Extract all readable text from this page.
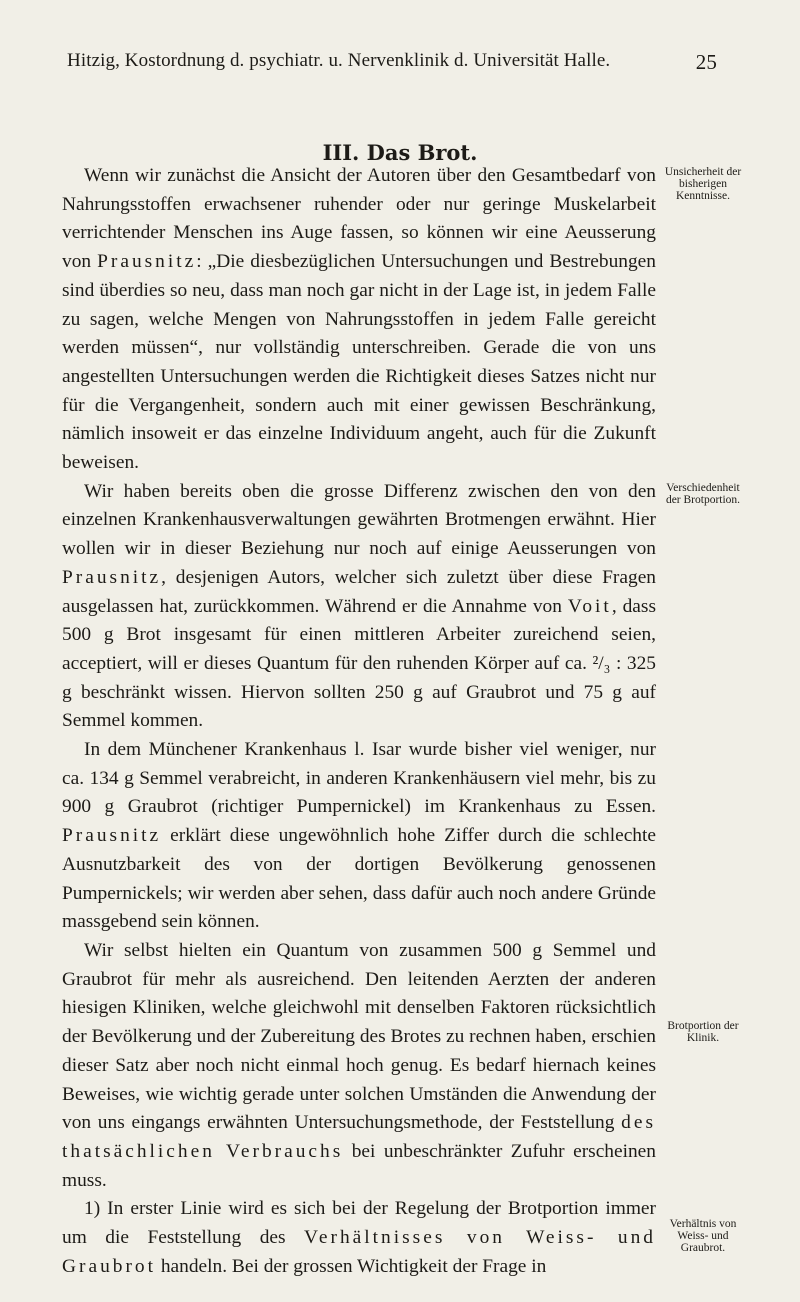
Hitzig, Kostordnung d. psychiatr. u. Nervenklinik d. Universität Halle.	25
III. Das Brot.

Wenn wir zunächst die Ansicht der Autoren über den Gesamtbedarf von Nahrungsstoffen erwachsener ruhender oder nur geringe Muskelarbeit verrichtender Menschen ins Auge fassen, so können wir eine Aeusserung von Prausnitz: „Die diesbezüglichen Untersuchungen und Bestrebungen sind überdies so neu, dass man noch gar nicht in der Lage ist, in jedem Falle zu sagen, welche Mengen von Nahrungsstoffen in jedem Falle gereicht werden müssen“, nur vollständig unterschreiben. Gerade die von uns angestellten Untersuchungen werden die Richtigkeit dieses Satzes nicht nur für die Vergangenheit, sondern auch mit einer gewissen Beschränkung, nämlich insoweit er das einzelne Individuum angeht, auch für die Zukunft beweisen.

Wir haben bereits oben die grosse Differenz zwischen den von den einzelnen Krankenhausverwaltungen gewährten Brotmengen erwähnt. Hier wollen wir in dieser Beziehung nur noch auf einige Aeusserungen von Prausnitz, desjenigen Autors, welcher sich zuletzt über diese Fragen ausgelassen hat, zurückkommen. Während er die Annahme von Voit, dass 500 g Brot insgesamt für einen mittleren Arbeiter zureichend seien, acceptiert, will er dieses Quantum für den ruhenden Körper auf ca. ²/₃ : 325 g beschränkt wissen. Hiervon sollten 250 g auf Graubrot und 75 g auf Semmel kommen.

In dem Münchener Krankenhaus l. Isar wurde bisher viel weniger, nur ca. 134 g Semmel verabreicht, in anderen Krankenhäusern viel mehr, bis zu 900 g Graubrot (richtiger Pumpernickel) im Krankenhaus zu Essen. Prausnitz erklärt diese ungewöhnlich hohe Ziffer durch die schlechte Ausnutzbarkeit des von der dortigen Bevölkerung genossenen Pumpernickels; wir werden aber sehen, dass dafür auch noch andere Gründe massgebend sein können.

Wir selbst hielten ein Quantum von zusammen 500 g Semmel und Graubrot für mehr als ausreichend. Den leitenden Aerzten der anderen hiesigen Kliniken, welche gleichwohl mit denselben Faktoren rücksichtlich der Bevölkerung und der Zubereitung des Brotes zu rechnen haben, erschien dieser Satz aber noch nicht einmal hoch genug. Es bedarf hiernach keines Beweises, wie wichtig gerade unter solchen Umständen die Anwendung der von uns eingangs erwähnten Untersuchungsmethode, der Feststellung des thatsächlichen Verbrauchs bei unbeschränkter Zufuhr erscheinen muss.

1) In erster Linie wird es sich bei der Regelung der Brotportion immer um die Feststellung des Verhältnisses von Weiss- und Graubrot handeln. Bei der grossen Wichtigkeit der Frage in

Unsicherheit der bisherigen Kenntnisse.
Verschiedenheit der Brotportion.
Brotportion der Klinik.
Verhältnis von Weiss- und Graubrot.
